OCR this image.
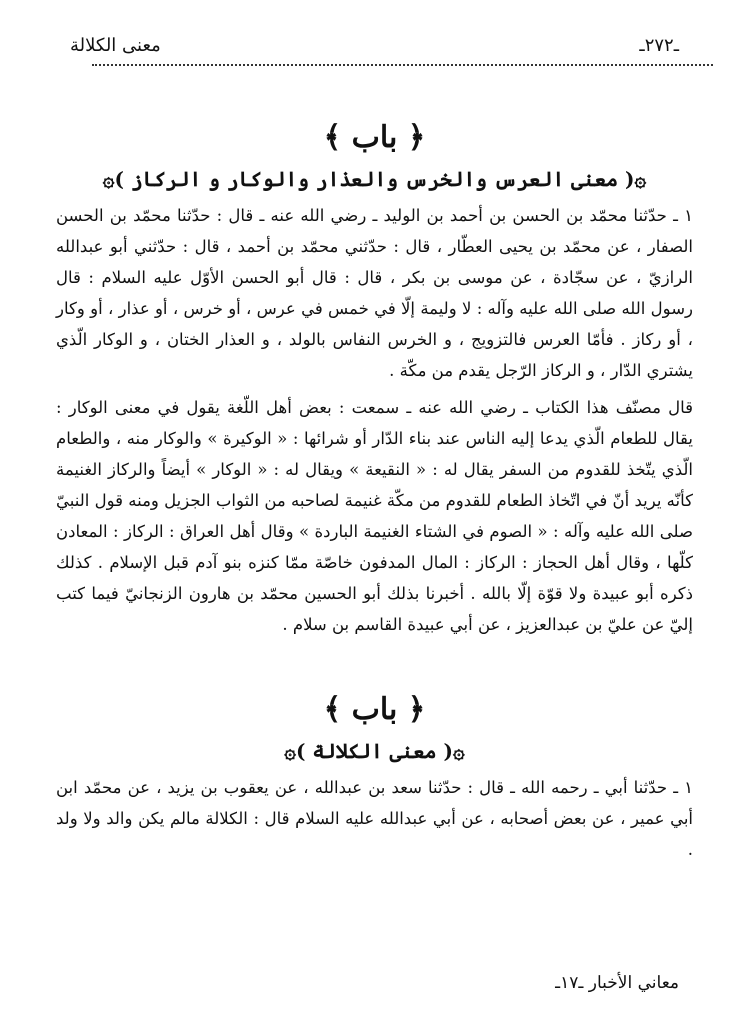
ـ٢٧٢ـ
معنى الكلالة
﴿ باب ﴾
۞( معنى العرس والخرس والعذار والوكار و الركاز )۞

١ ـ حدّثنا محمّد بن الحسن بن أحمد بن الوليد ـ رضي الله عنه ـ قال : حدّثنا محمّد بن الحسن الصفار ، عن محمّد بن يحيى العطّار ، قال : حدّثني محمّد بن أحمد ، قال : حدّثني أبو عبدالله الرازيّ ، عن سجّادة ، عن موسى بن بكر ، قال : قال أبو الحسن الأوّل عليه السلام : قال رسول الله صلى الله عليه وآله : لا وليمة إلّا في خمس في عرس ، أو خرس ، أو عذار ، أو وكار ، أو ركاز . فأمّا العرس فالتزويج ، و الخرس النفاس بالولد ، و العذار الختان ، و الوكار الّذي يشتري الدّار ، و الركاز الرّجل يقدم من مكّة .

قال مصنّف هذا الكتاب ـ رضي الله عنه ـ سمعت : بعض أهل اللّغة يقول في معنى الوكار : يقال للطعام الّذي يدعا إليه الناس عند بناء الدّار أو شرائها : « الوكيرة » والوكار منه ، والطعام الّذي يتّخذ للقدوم من السفر يقال له : « النقيعة » ويقال له : « الوكار » أيضاً والركاز الغنيمة كأنّه يريد أنّ في اتّخاذ الطعام للقدوم من مكّة غنيمة لصاحبه من الثواب الجزيل ومنه قول النبيّ صلى الله عليه وآله : « الصوم في الشتاء الغنيمة الباردة » وقال أهل العراق : الركاز : المعادن كلّها ، وقال أهل الحجاز : الركاز : المال المدفون خاصّة ممّا كنزه بنو آدم قبل الإسلام . كذلك ذكره أبو عبيدة ولا قوّة إلّا بالله . أخبرنا بذلك أبو الحسين محمّد بن هارون الزنجانيّ فيما كتب إليّ عن عليّ بن عبدالعزيز ، عن أبي عبيدة القاسم بن سلام .

﴿ باب ﴾
۞( معنى الكلالة )۞

١ ـ حدّثنا أبي ـ رحمه الله ـ قال : حدّثنا سعد بن عبدالله ، عن يعقوب بن يزيد ، عن محمّد ابن أبي عمير ، عن بعض أصحابه ، عن أبي عبدالله عليه السلام قال : الكلالة مالم يكن والد ولا ولد .

معاني الأخبار ـ١٧ـ
